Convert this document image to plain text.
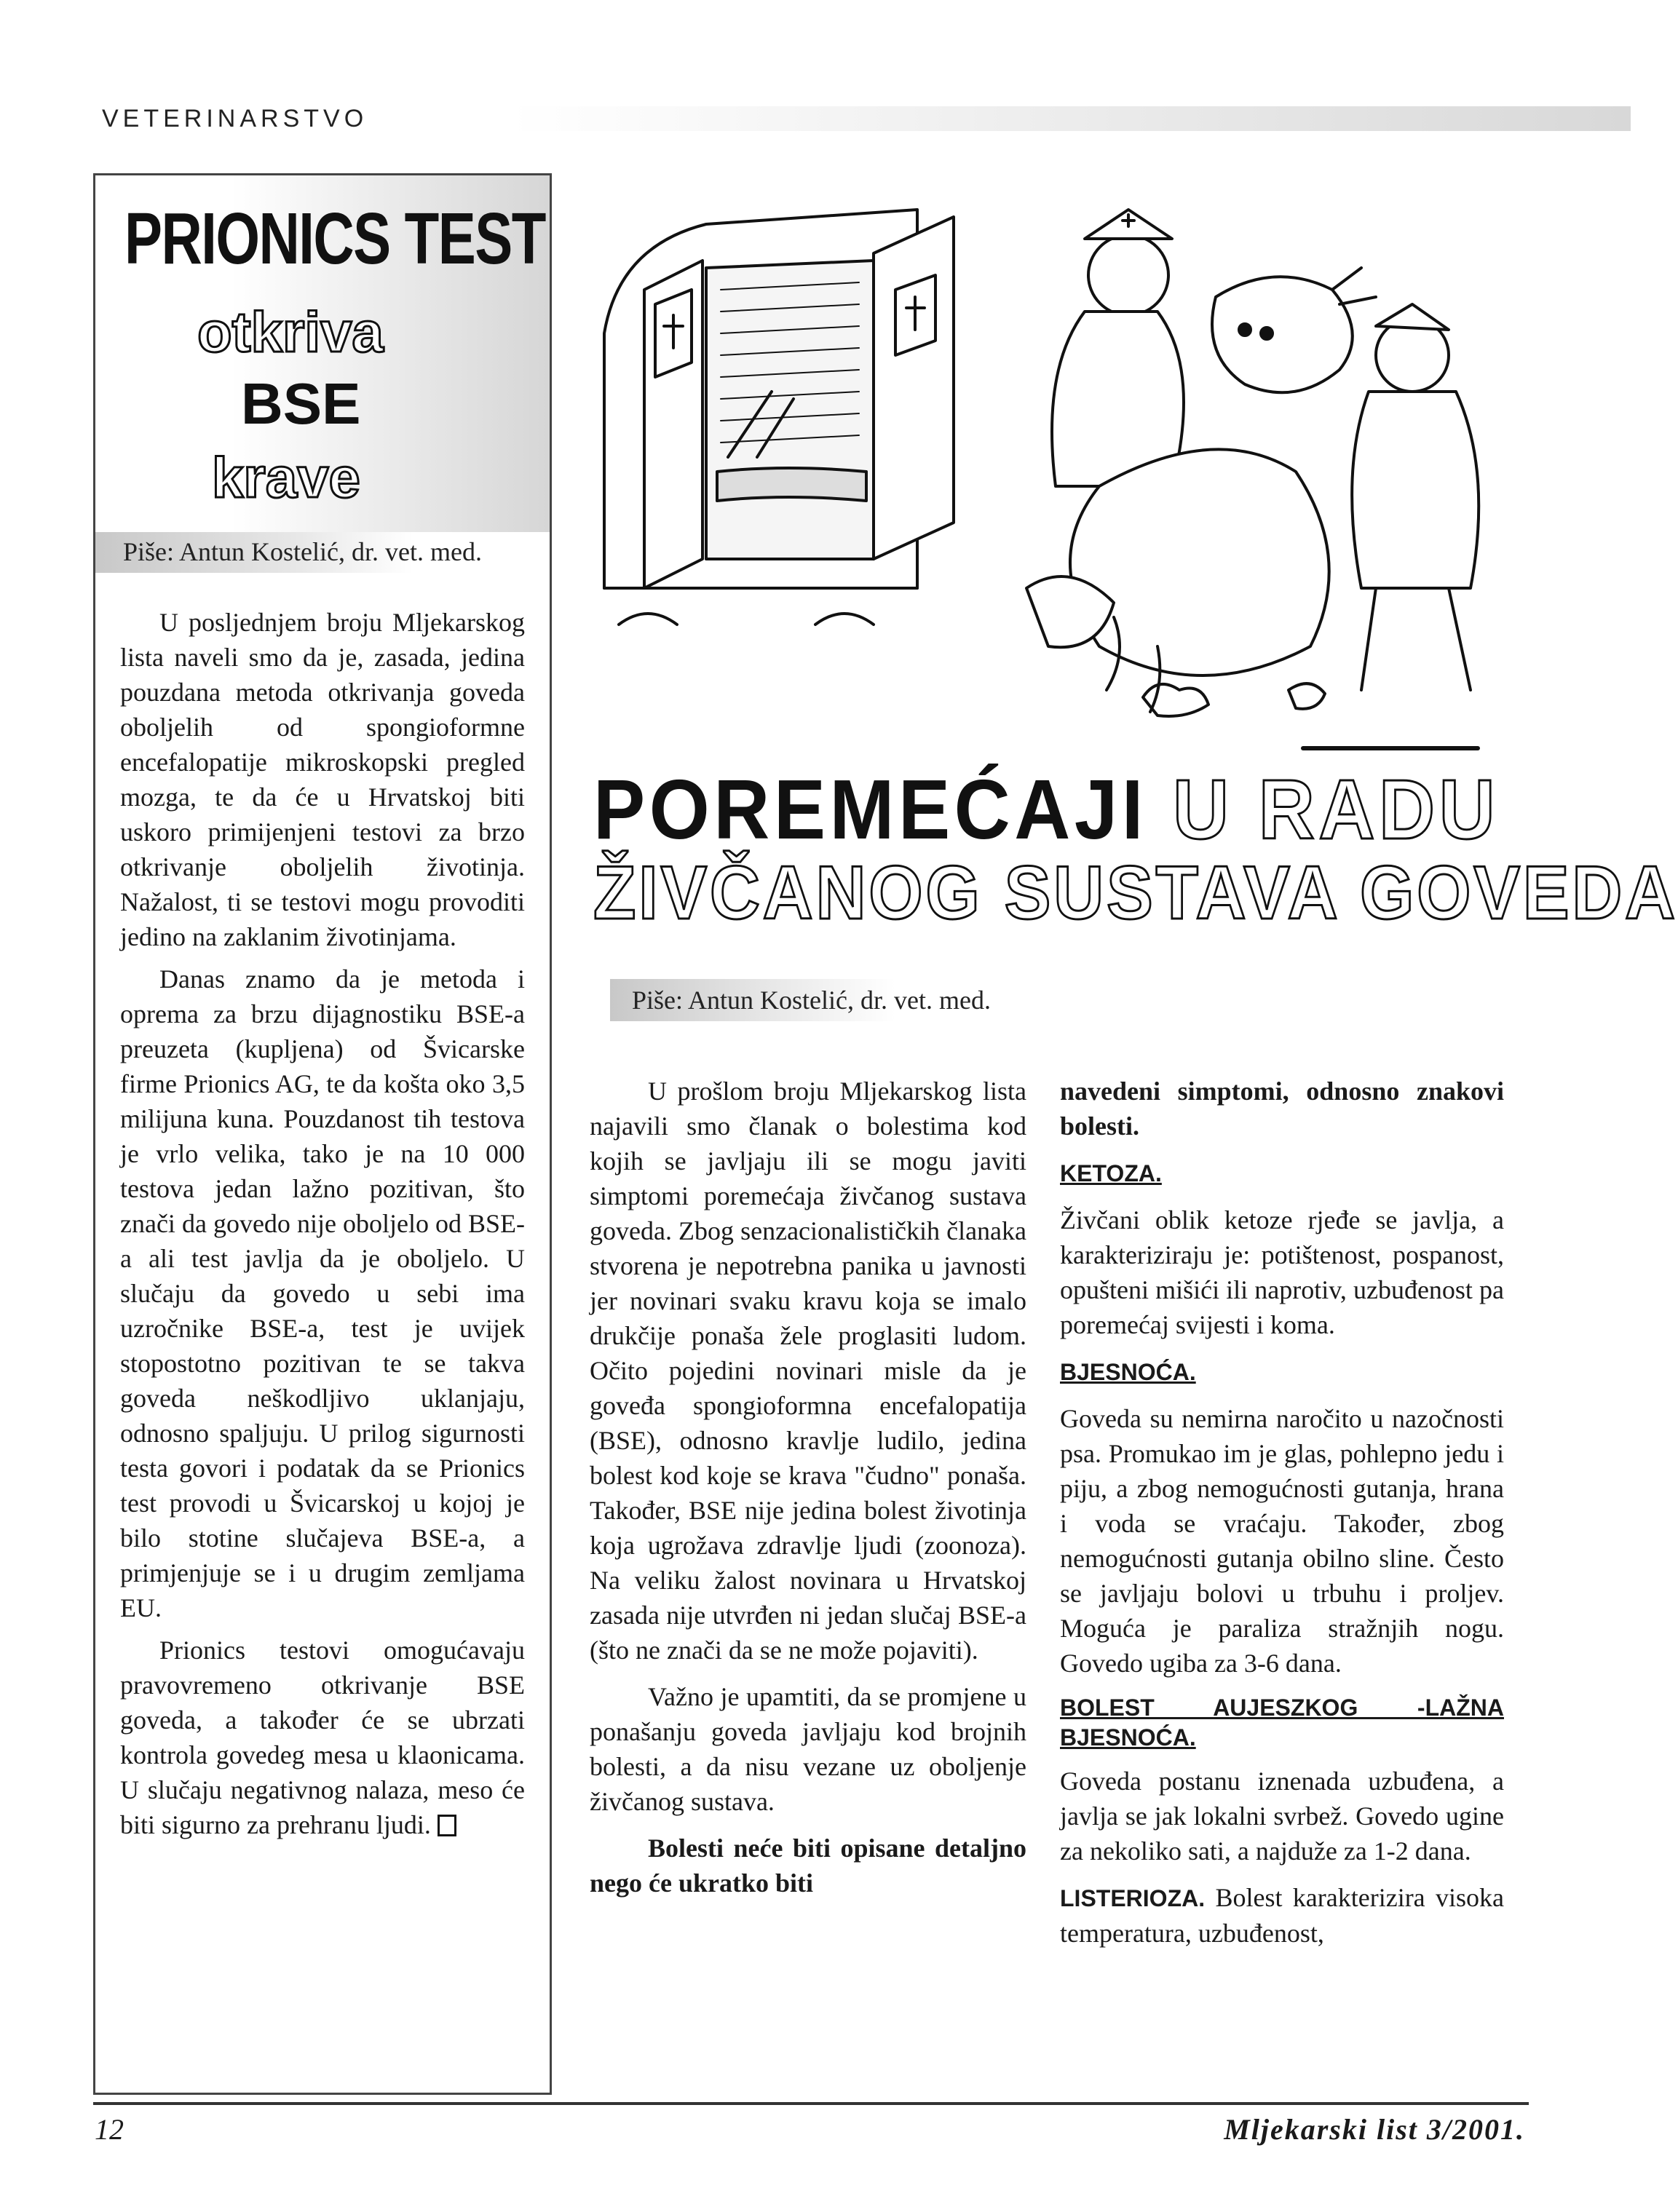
VETERINARSTVO
PRIONICS TEST
otkriva
BSE
krave
Piše: Antun Kostelić, dr. vet. med.

U posljednjem broju Mljekarskog lista naveli smo da je, zasada, jedina pouzdana metoda otkrivanja goveda oboljelih od spongioformne encefalopatije mikroskopski pregled mozga, te da će u Hrvatskoj biti uskoro primijenjeni testovi za brzo otkrivanje oboljelih životinja. Nažalost, ti se testovi mogu provoditi jedino na zaklanim životinjama.

Danas znamo da je metoda i oprema za brzu dijagnostiku BSE-a preuzeta (kupljena) od Švicarske firme Prionics AG, te da košta oko 3,5 milijuna kuna. Pouzdanost tih testova je vrlo velika, tako je na 10 000 testova jedan lažno pozitivan, što znači da govedo nije oboljelo od BSE-a ali test javlja da je oboljelo. U slučaju da govedo u sebi ima uzročnike BSE-a, test je uvijek stopostotno pozitivan te se takva goveda neškodljivo uklanjaju, odnosno spaljuju. U prilog sigurnosti testa govori i podatak da se Prionics test provodi u Švicarskoj u kojoj je bilo stotine slučajeva BSE-a, a primjenjuje se i u drugim zemljama EU.

Prionics testovi omogućavaju pravovremeno otkrivanje BSE goveda, a također će se ubrzati kontrola govedeg mesa u klaonicama. U slučaju negativnog nalaza, meso će biti sigurno za prehranu ljudi.

POREMEĆAJI U RADU
ŽIVČANOG SUSTAVA GOVEDA
Piše: Antun Kostelić, dr. vet. med.

U prošlom broju Mljekarskog lista najavili smo članak o bolestima kod kojih se javljaju ili se mogu javiti simptomi poremećaja živčanog sustava goveda. Zbog senzacionalističkih članaka stvorena je nepotrebna panika u javnosti jer novinari svaku kravu koja se imalo drukčije ponaša žele proglasiti ludom. Očito pojedini novinari misle da je goveđa spongioformna encefalopatija (BSE), odnosno kravlje ludilo, jedina bolest kod koje se krava "čudno" ponaša. Također, BSE nije jedina bolest životinja koja ugrožava zdravlje ljudi (zoonoza). Na veliku žalost novinara u Hrvatskoj zasada nije utvrđen ni jedan slučaj BSE-a (što ne znači da se ne može pojaviti).

Važno je upamtiti, da se promjene u ponašanju goveda javljaju kod brojnih bolesti, a da nisu vezane uz oboljenje živčanog sustava.

Bolesti neće biti opisane detaljno nego će ukratko biti

navedeni simptomi, odnosno znakovi bolesti.

KETOZA.

Živčani oblik ketoze rjeđe se javlja, a karakteriziraju je: potištenost, pospanost, opušteni mišići ili naprotiv, uzbuđenost pa poremećaj svijesti i koma.

BJESNOĆA.

Goveda su nemirna naročito u nazočnosti psa. Promukao im je glas, pohlepno jedu i piju, a zbog nemogućnosti gutanja, hrana i voda se vraćaju. Također, zbog nemogućnosti gutanja obilno sline. Često se javljaju bolovi u trbuhu i proljev. Moguća je paraliza stražnjih nogu. Govedo ugiba za 3-6 dana.

BOLEST AUJESZKOG -LAŽNA BJESNOĆA.

Goveda postanu iznenada uzbuđena, a javlja se jak lokalni svrbež. Govedo ugine za nekoliko sati, a najduže za 1-2 dana.

LISTERIOZA. Bolest karakterizira visoka temperatura, uzbuđenost,

12	Mljekarski list 3/2001.
